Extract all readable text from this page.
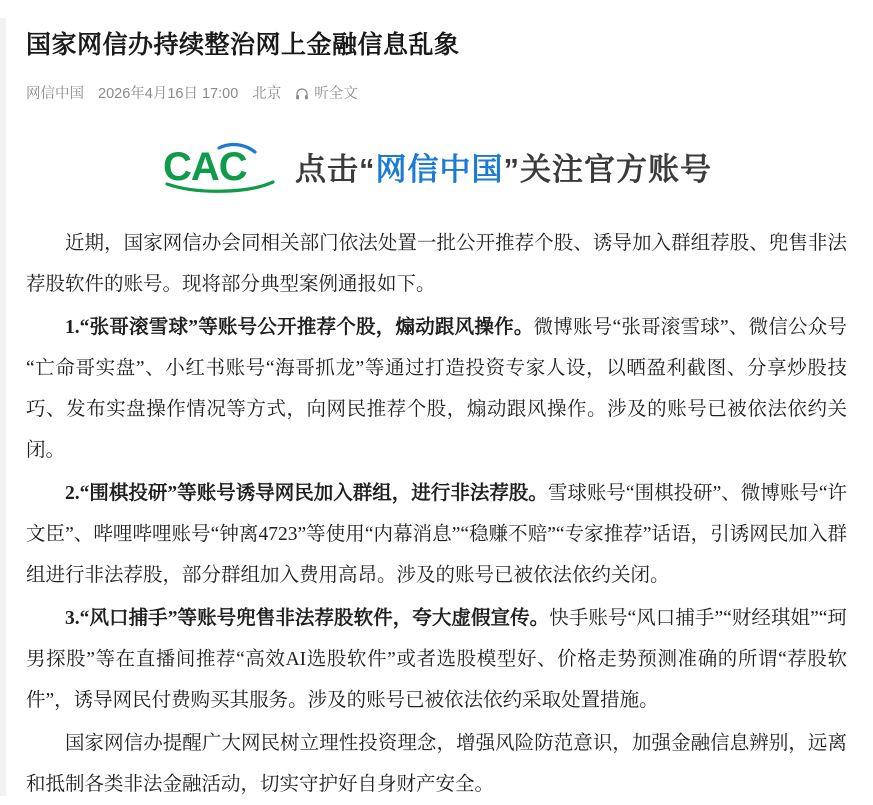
国家网信办持续整治网上金融信息乱象
网信中国 2026年4月16日 17:00 北京 听全文
CAC 点击“网信中国”关注官方账号

近期，国家网信办会同相关部门依法处置一批公开推荐个股、诱导加入群组荐股、兜售非法荐股软件的账号。现将部分典型案例通报如下。

1.“张哥滚雪球”等账号公开推荐个股，煽动跟风操作。微博账号“张哥滚雪球”、微信公众号“亡命哥实盘”、小红书账号“海哥抓龙”等通过打造投资专家人设，以晒盈利截图、分享炒股技巧、发布实盘操作情况等方式，向网民推荐个股，煽动跟风操作。涉及的账号已被依法依约关闭。

2.“围棋投研”等账号诱导网民加入群组，进行非法荐股。雪球账号“围棋投研”、微博账号“许文臣”、哔哩哔哩账号“钟离4723”等使用“内幕消息”“稳赚不赔”“专家推荐”话语，引诱网民加入群组进行非法荐股，部分群组加入费用高昂。涉及的账号已被依法依约关闭。

3.“风口捕手”等账号兜售非法荐股软件，夸大虚假宣传。快手账号“风口捕手”“财经琪姐”“珂男探股”等在直播间推荐“高效AI选股软件”或者选股模型好、价格走势预测准确的所谓“荐股软件”，诱导网民付费购买其服务。涉及的账号已被依法依约采取处置措施。

国家网信办提醒广大网民树立理性投资理念，增强风险防范意识，加强金融信息辨别，远离和抵制各类非法金融活动，切实守护好自身财产安全。
